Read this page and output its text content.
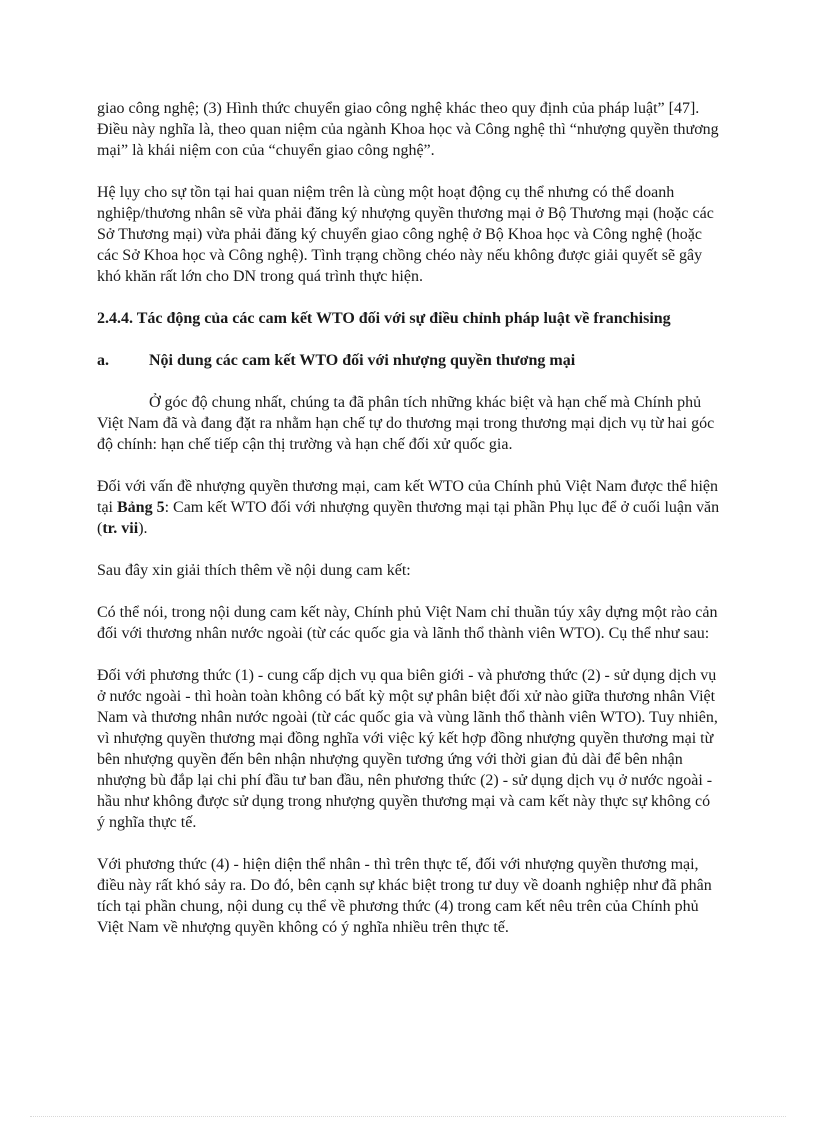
giao công nghệ; (3) Hình thức chuyển giao công nghệ khác theo quy định của pháp luật” [47]. Điều này nghĩa là, theo quan niệm của ngành Khoa học và Công nghệ thì “nhượng quyền thương mại” là khái niệm con của “chuyển giao công nghệ”.

Hệ lụy cho sự tồn tại hai quan niệm trên là cùng một hoạt động cụ thể nhưng có thể doanh nghiệp/thương nhân sẽ vừa phải đăng ký nhượng quyền thương mại ở Bộ Thương mại (hoặc các Sở Thương mại) vừa phải đăng ký chuyển giao công nghệ ở Bộ Khoa học và Công nghệ (hoặc các Sở Khoa học và Công nghệ). Tình trạng chồng chéo này nếu không được giải quyết sẽ gây khó khăn rất lớn cho DN trong quá trình thực hiện.

2.4.4. Tác động của các cam kết WTO đối với sự điều chỉnh pháp luật về franchising

a.	Nội dung các cam kết WTO đối với nhượng quyền thương mại

Ở góc độ chung nhất, chúng ta đã phân tích những khác biệt và hạn chế mà Chính phủ Việt Nam đã và đang đặt ra nhằm hạn chế tự do thương mại trong thương mại dịch vụ từ hai góc độ chính: hạn chế tiếp cận thị trường và hạn chế đối xử quốc gia.

Đối với vấn đề nhượng quyền thương mại, cam kết WTO của Chính phủ Việt Nam được thể hiện tại Bảng 5: Cam kết WTO đối với nhượng quyền thương mại tại phần Phụ lục để ở cuối luận văn (tr. vii).

Sau đây xin giải thích thêm về nội dung cam kết:

Có thể nói, trong nội dung cam kết này, Chính phủ Việt Nam chỉ thuần túy xây dựng một rào cản đối với thương nhân nước ngoài (từ các quốc gia và lãnh thổ thành viên WTO). Cụ thể như sau:

Đối với phương thức (1) - cung cấp dịch vụ qua biên giới - và phương thức (2) - sử dụng dịch vụ ở nước ngoài - thì hoàn toàn không có bất kỳ một sự phân biệt đối xử nào giữa thương nhân Việt Nam và thương nhân nước ngoài (từ các quốc gia và vùng lãnh thổ thành viên WTO). Tuy nhiên, vì nhượng quyền thương mại đồng nghĩa với việc ký kết hợp đồng nhượng quyền thương mại từ bên nhượng quyền đến bên nhận nhượng quyền tương ứng với thời gian đủ dài để bên nhận nhượng bù đắp lại chi phí đầu tư ban đầu, nên phương thức (2) - sử dụng dịch vụ ở nước ngoài - hầu như không được sử dụng trong nhượng quyền thương mại và cam kết này thực sự không có ý nghĩa thực tế.

Với phương thức (4) - hiện diện thể nhân - thì trên thực tế, đối với nhượng quyền thương mại, điều này rất khó sảy ra. Do đó, bên cạnh sự khác biệt trong tư duy về doanh nghiệp như đã phân tích tại phần chung, nội dung cụ thể về phương thức (4) trong cam kết nêu trên của Chính phủ Việt Nam về nhượng quyền không có ý nghĩa nhiều trên thực tế.
